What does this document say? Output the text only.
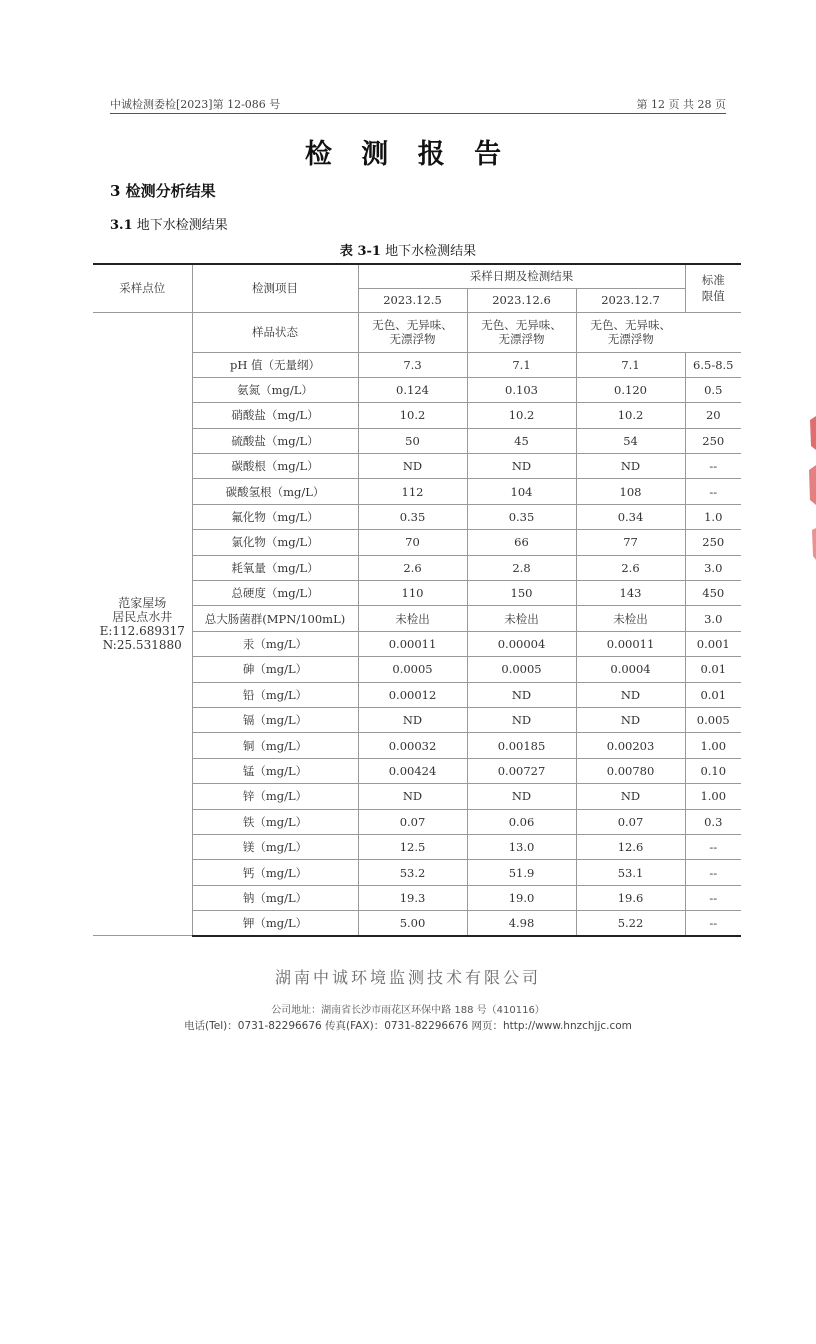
中诚检测委检[2023]第 12-086 号	第 12 页 共 28 页
检 测 报 告
3 检测分析结果
3.1 地下水检测结果
表 3-1 地下水检测结果
采样点位	检测项目	采样日期及检测结果			标准
限值
		2023.12.5	2023.12.6	2023.12.7	
范家屋场
居民点水井
E:112.689317
N:25.531880	样品状态	无色、无异味、
无漂浮物	无色、无异味、
无漂浮物	无色、无异味、
无漂浮物	
	pH 值（无量纲）	7.3	7.1	7.1	6.5-8.5
	氨氮（mg/L）	0.124	0.103	0.120	0.5
	硝酸盐（mg/L）	10.2	10.2	10.2	20
	硫酸盐（mg/L）	50	45	54	250
	碳酸根（mg/L）	ND	ND	ND	--
	碳酸氢根（mg/L）	112	104	108	--
	氟化物（mg/L）	0.35	0.35	0.34	1.0
	氯化物（mg/L）	70	66	77	250
	耗氧量（mg/L）	2.6	2.8	2.6	3.0
	总硬度（mg/L）	110	150	143	450
	总大肠菌群(MPN/100mL)	未检出	未检出	未检出	3.0
	汞（mg/L）	0.00011	0.00004	0.00011	0.001
	砷（mg/L）	0.0005	0.0005	0.0004	0.01
	铅（mg/L）	0.00012	ND	ND	0.01
	镉（mg/L）	ND	ND	ND	0.005
	铜（mg/L）	0.00032	0.00185	0.00203	1.00
	锰（mg/L）	0.00424	0.00727	0.00780	0.10
	锌（mg/L）	ND	ND	ND	1.00
	铁（mg/L）	0.07	0.06	0.07	0.3
	镁（mg/L）	12.5	13.0	12.6	--
	钙（mg/L）	53.2	51.9	53.1	--
	钠（mg/L）	19.3	19.0	19.6	--
	钾（mg/L）	5.00	4.98	5.22	--
湖南中诚环境监测技术有限公司
公司地址：湖南省长沙市雨花区环保中路 188 号（410116）
电话(Tel)：0731-82296676 传真(FAX)：0731-82296676 网页：http://www.hnzchjjc.com
